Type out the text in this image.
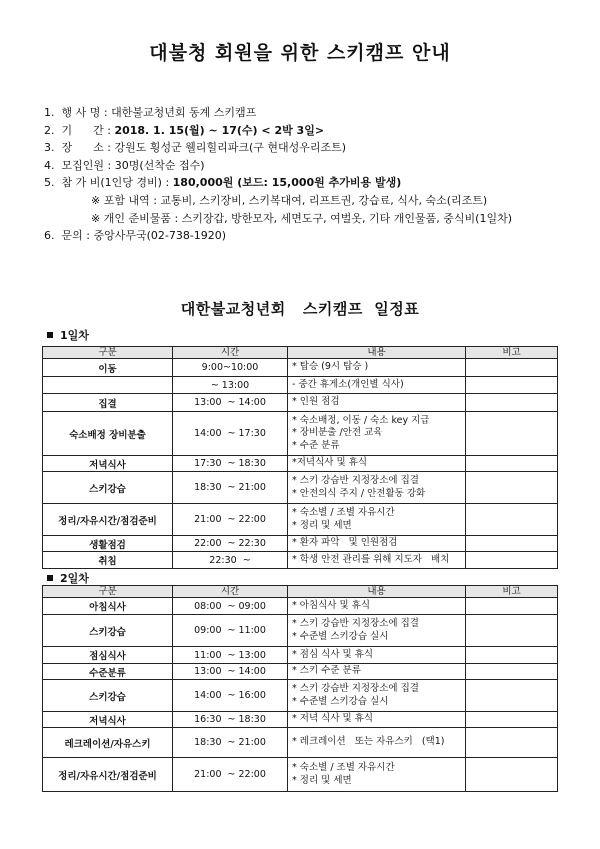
대불청 회원을 위한 스키캠프 안내
1. 행 사 명 : 대한불교청년회 동계 스키캠프
2. 기      간 : 2018. 1. 15(월) ~ 17(수) < 2박 3일>
3. 장      소 : 강원도 횡성군 웰리힐리파크(구 현대성우리조트)
4. 모집인원 : 30명(선착순 접수)
5. 참 가 비(1인당 경비) : 180,000원 (보드: 15,000원 추가비용 발생)
※ 포함 내역 : 교통비, 스키장비, 스키복대여, 리프트권, 강습료, 식사, 숙소(리조트)
※ 개인 준비물품 : 스키장갑, 방한모자, 세면도구, 여벌옷, 기타 개인물품, 중식비(1일차)
6. 문의 : 중앙사무국(02-738-1920)
대한불교청년회   스키캠프  일정표
1일차
구분	시간	내용	비고
이동	9:00~10:00	* 탑승 (9시 탑승 )	

	~ 13:00	- 중간 휴게소(개인별 식사)	

집결	13:00  ~ 14:00	* 인원 점검	

숙소배정 장비분출	14:00  ~ 17:30	* 숙소배정, 이동 / 숙소 key 지급
* 장비분출 /안전 교육
* 수준 분류	

저녁식사	17:30  ~ 18:30	*저녁식사 및 휴식	

스키강습	18:30  ~ 21:00	* 스키 강습반 지정장소에 집결
* 안전의식 주지 / 안전활동 강화	

정리/자유시간/점검준비	21:00  ~ 22:00	* 숙소별 / 조별 자유시간
* 정리 및 세면	

생활점검	22:00  ~ 22:30	* 환자 파악   및 인원점검	

취침	22:30  ~	* 학생 안전 관리를 위해 지도자   배치	

2일차
구분	시간	내용	비고
아침식사	08:00  ~ 09:00	* 아침식사 및 휴식	

스키강습	09:00  ~ 11:00	* 스키 강습반 지정장소에 집결
* 수준별 스키강습 실시	

점심식사	11:00  ~ 13:00	* 점심 식사 및 휴식	

수준분류	13:00  ~ 14:00	* 스키 수준 분류	

스키강습	14:00  ~ 16:00	* 스키 강습반 지정장소에 집결
* 수준별 스키강습 실시	

저녁식사	16:30  ~ 18:30	* 저녁 식사 및 휴식	

레크레이션/자유스키	18:30  ~ 21:00	* 레크레이션   또는 자유스키   (택1)	

정리/자유시간/점검준비	21:00  ~ 22:00	* 숙소별 / 조별 자유시간
* 정리 및 세면	
